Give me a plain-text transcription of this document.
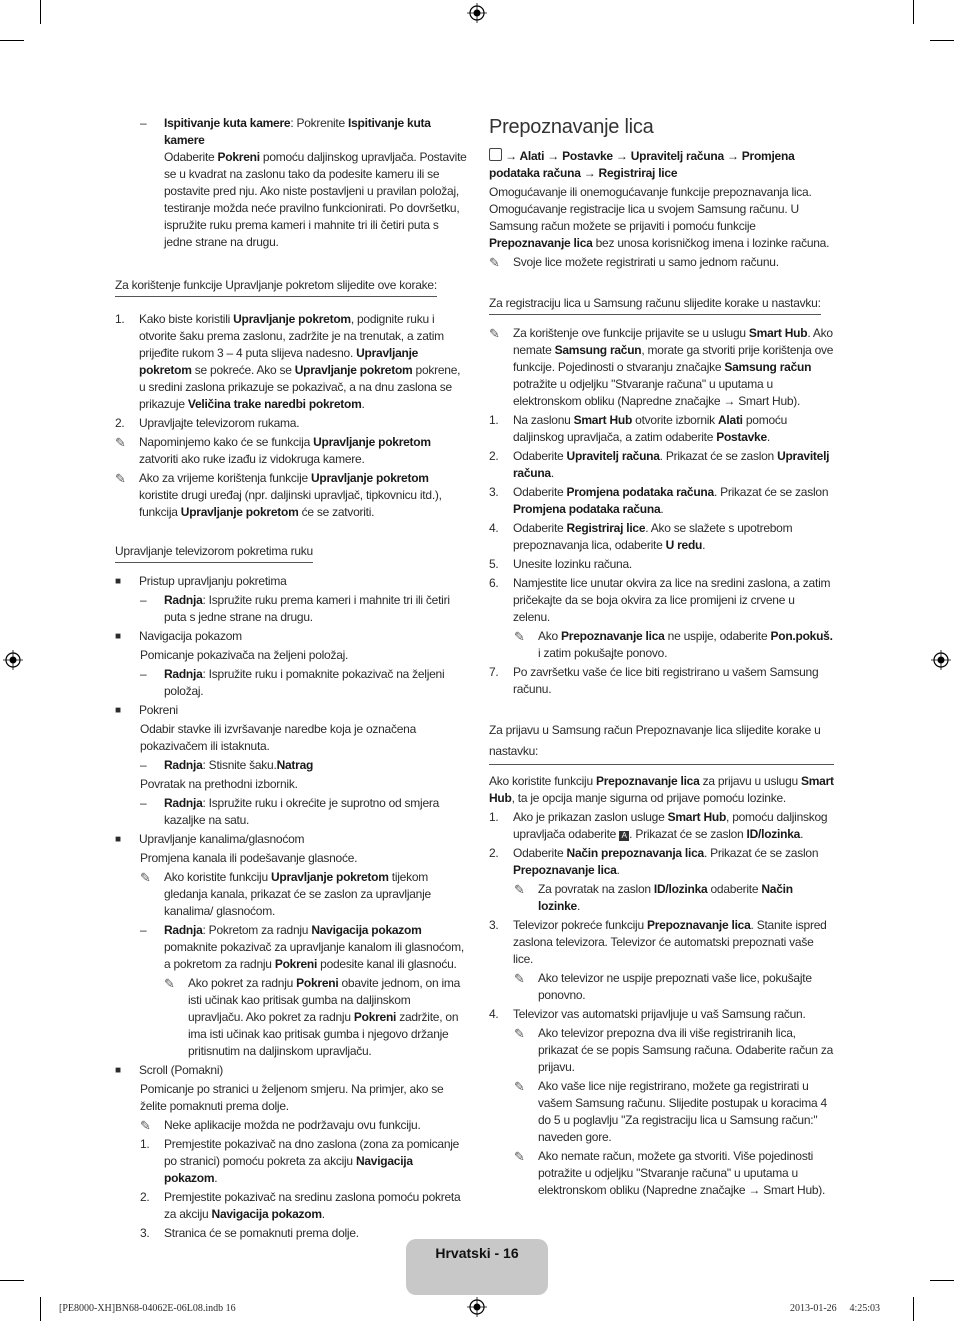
–	Ispitivanje kuta kamere: Pokrenite Ispitivanje kuta kamere
Odaberite Pokreni pomoću daljinskog upravljača. Postavite se u kvadrat na zaslonu tako da podesite kameru ili se postavite pred nju. Ako niste postavljeni u pravilan položaj, testiranje možda neće pravilno funkcionirati. Po dovršetku, ispružite ruku prema kameri i mahnite tri ili četiri puta s jedne strane na drugu.
Za korištenje funkcije Upravljanje pokretom slijedite ove korake:
1.	Kako biste koristili Upravljanje pokretom, podignite ruku i otvorite šaku prema zaslonu, zadržite je na trenutak, a zatim prijeđite rukom 3 – 4 puta slijeva nadesno. Upravljanje pokretom se pokreće. Ako se Upravljanje pokretom pokrene, u sredini zaslona prikazuje se pokazivač, a na dnu zaslona se prikazuje Veličina trake naredbi pokretom.
2.	Upravljajte televizorom rukama.
✎	Napominjemo kako će se funkcija Upravljanje pokretom zatvoriti ako ruke izađu iz vidokruga kamere.
✎	Ako za vrijeme korištenja funkcije Upravljanje pokretom koristite drugi uređaj (npr. daljinski upravljač, tipkovnicu itd.), funkcija Upravljanje pokretom će se zatvoriti.
Upravljanje televizorom pokretima ruku
■	Pristup upravljanju pokretima
–	Radnja: Ispružite ruku prema kameri i mahnite tri ili četiri puta s jedne strane na drugu.
■	Navigacija pokazom
Pomicanje pokazivača na željeni položaj.
–	Radnja: Ispružite ruku i pomaknite pokazivač na željeni položaj.
■	Pokreni
Odabir stavke ili izvršavanje naredbe koja je označena pokazivačem ili istaknuta.
–	Radnja: Stisnite šaku.Natrag
Povratak na prethodni izbornik.
–	Radnja: Ispružite ruku i okrećite je suprotno od smjera kazaljke na satu.
■	Upravljanje kanalima/glasnoćom
Promjena kanala ili podešavanje glasnoće.
✎	Ako koristite funkciju Upravljanje pokretom tijekom gledanja kanala, prikazat će se zaslon za upravljanje kanalima/ glasnoćom.
–	Radnja: Pokretom za radnju Navigacija pokazom pomaknite pokazivač za upravljanje kanalom ili glasnoćom, a pokretom za radnju Pokreni podesite kanal ili glasnoću.
✎	Ako pokret za radnju Pokreni obavite jednom, on ima isti učinak kao pritisak gumba na daljinskom upravljaču. Ako pokret za radnju Pokreni zadržite, on ima isti učinak kao pritisak gumba i njegovo držanje pritisnutim na daljinskom upravljaču.
■	Scroll (Pomakni)
Pomicanje po stranici u željenom smjeru. Na primjer, ako se želite pomaknuti prema dolje.
✎	Neke aplikacije možda ne podržavaju ovu funkciju.
1.	Premjestite pokazivač na dno zaslona (zona za pomicanje po stranici) pomoću pokreta za akciju Navigacija pokazom.
2.	Premjestite pokazivač na sredinu zaslona pomoću pokreta za akciju Navigacija pokazom.
3.	Stranica će se pomaknuti prema dolje.
Prepoznavanje lica
→ Alati → Postavke → Upravitelj računa → Promjena podataka računa → Registriraj lice
Omogućavanje ili onemogućavanje funkcije prepoznavanja lica. Omogućavanje registracije lica u svojem Samsung računu. U Samsung račun možete se prijaviti i pomoću funkcije Prepoznavanje lica bez unosa korisničkog imena i lozinke računa.
✎	Svoje lice možete registrirati u samo jednom računu.
Za registraciju lica u Samsung računu slijedite korake u nastavku:
✎	Za korištenje ove funkcije prijavite se u uslugu Smart Hub. Ako nemate Samsung račun, morate ga stvoriti prije korištenja ove funkcije. Pojedinosti o stvaranju značajke Samsung račun potražite u odjeljku "Stvaranje računa" u uputama u elektronskom obliku (Napredne značajke → Smart Hub).
1.	Na zaslonu Smart Hub otvorite izbornik Alati pomoću daljinskog upravljača, a zatim odaberite Postavke.
2.	Odaberite Upravitelj računa. Prikazat će se zaslon Upravitelj računa.
3.	Odaberite Promjena podataka računa. Prikazat će se zaslon Promjena podataka računa.
4.	Odaberite Registriraj lice. Ako se slažete s upotrebom prepoznavanja lica, odaberite U redu.
5.	Unesite lozinku računa.
6.	Namjestite lice unutar okvira za lice na sredini zaslona, a zatim pričekajte da se boja okvira za lice promijeni iz crvene u zelenu.
✎	Ako Prepoznavanje lica ne uspije, odaberite Pon.pokuš. i zatim pokušajte ponovo.
7.	Po završetku vaše će lice biti registrirano u vašem Samsung računu.
Za prijavu u Samsung račun Prepoznavanje lica slijedite korake u nastavku:
Ako koristite funkciju Prepoznavanje lica za prijavu u uslugu Smart Hub, ta je opcija manje sigurna od prijave pomoću lozinke.
1.	Ako je prikazan zaslon usluge Smart Hub, pomoću daljinskog upravljača odaberite A . Prikazat će se zaslon ID/lozinka.
2.	Odaberite Način prepoznavanja lica. Prikazat će se zaslon Prepoznavanje lica.
✎	Za povratak na zaslon ID/lozinka odaberite Način lozinke.
3.	Televizor pokreće funkciju Prepoznavanje lica. Stanite ispred zaslona televizora. Televizor će automatski prepoznati vaše lice.
✎	Ako televizor ne uspije prepoznati vaše lice, pokušajte ponovno.
4.	Televizor vas automatski prijavljuje u vaš Samsung račun.
✎	Ako televizor prepozna dva ili više registriranih lica, prikazat će se popis Samsung računa. Odaberite račun za prijavu.
✎	Ako vaše lice nije registrirano, možete ga registrirati u vašem Samsung računu. Slijedite postupak u koracima 4 do 5 u poglavlju "Za registraciju lica u Samsung račun:" naveden gore.
✎	Ako nemate račun, možete ga stvoriti. Više pojedinosti potražite u odjeljku "Stvaranje računa" u uputama u elektronskom obliku (Napredne značajke → Smart Hub).
Hrvatski - 16
[PE8000-XH]BN68-04062E-06L08.indb 16	2013-01-26 ￿ 4:25:03
